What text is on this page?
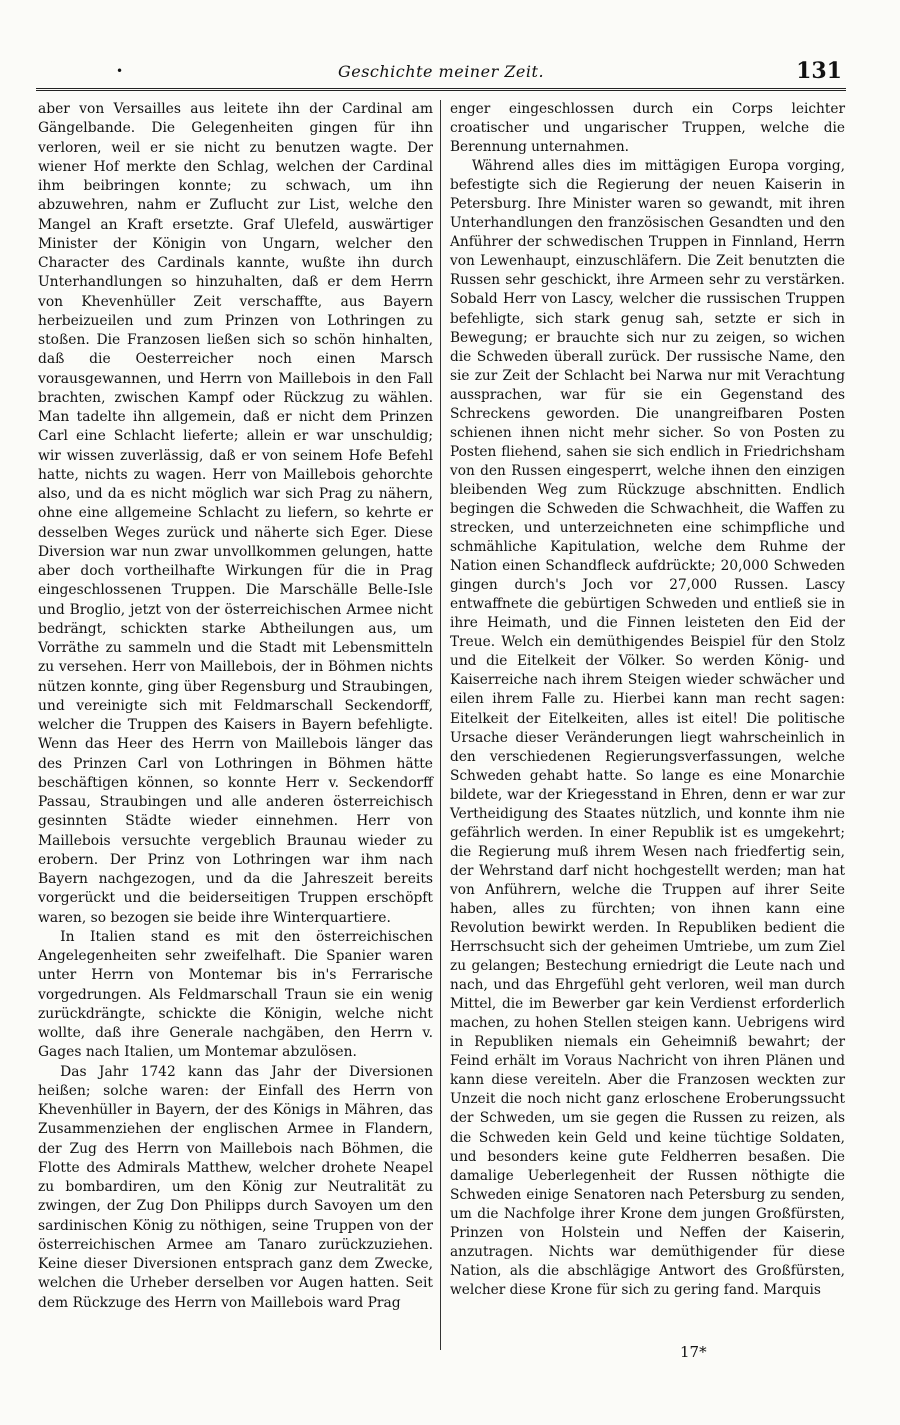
•	Geschichte meiner Zeit.	131

aber von Versailles aus leitete ihn der Cardinal am Gängelbande. Die Gelegenheiten gingen für ihn verloren, weil er sie nicht zu benutzen wagte. Der wiener Hof merkte den Schlag, welchen der Cardinal ihm beibringen konnte; zu schwach, um ihn abzuwehren, nahm er Zuflucht zur List, welche den Mangel an Kraft ersetzte. Graf Ulefeld, auswärtiger Minister der Königin von Ungarn, welcher den Character des Cardinals kannte, wußte ihn durch Unterhandlungen so hinzuhalten, daß er dem Herrn von Khevenhüller Zeit verschaffte, aus Bayern herbeizueilen und zum Prinzen von Lothringen zu stoßen. Die Franzosen ließen sich so schön hinhalten, daß die Oesterreicher noch einen Marsch vorausgewannen, und Herrn von Maillebois in den Fall brachten, zwischen Kampf oder Rückzug zu wählen. Man tadelte ihn allgemein, daß er nicht dem Prinzen Carl eine Schlacht lieferte; allein er war unschuldig; wir wissen zuverlässig, daß er von seinem Hofe Befehl hatte, nichts zu wagen. Herr von Maillebois gehorchte also, und da es nicht möglich war sich Prag zu nähern, ohne eine allgemeine Schlacht zu liefern, so kehrte er desselben Weges zurück und näherte sich Eger. Diese Diversion war nun zwar unvollkommen gelungen, hatte aber doch vortheilhafte Wirkungen für die in Prag eingeschlossenen Truppen. Die Marschälle Belle-Isle und Broglio, jetzt von der österreichischen Armee nicht bedrängt, schickten starke Abtheilungen aus, um Vorräthe zu sammeln und die Stadt mit Lebensmitteln zu versehen. Herr von Maillebois, der in Böhmen nichts nützen konnte, ging über Regensburg und Straubingen, und vereinigte sich mit Feldmarschall Seckendorff, welcher die Truppen des Kaisers in Bayern befehligte. Wenn das Heer des Herrn von Maillebois länger das des Prinzen Carl von Lothringen in Böhmen hätte beschäftigen können, so konnte Herr v. Seckendorff Passau, Straubingen und alle anderen österreichisch gesinnten Städte wieder einnehmen. Herr von Maillebois versuchte vergeblich Braunau wieder zu erobern. Der Prinz von Lothringen war ihm nach Bayern nachgezogen, und da die Jahreszeit bereits vorgerückt und die beiderseitigen Truppen erschöpft waren, so bezogen sie beide ihre Winterquartiere.

In Italien stand es mit den österreichischen Angelegenheiten sehr zweifelhaft. Die Spanier waren unter Herrn von Montemar bis in's Ferrarische vorgedrungen. Als Feldmarschall Traun sie ein wenig zurückdrängte, schickte die Königin, welche nicht wollte, daß ihre Generale nachgäben, den Herrn v. Gages nach Italien, um Montemar abzulösen.

Das Jahr 1742 kann das Jahr der Diversionen heißen; solche waren: der Einfall des Herrn von Khevenhüller in Bayern, der des Königs in Mähren, das Zusammenziehen der englischen Armee in Flandern, der Zug des Herrn von Maillebois nach Böhmen, die Flotte des Admirals Matthew, welcher drohete Neapel zu bombardiren, um den König zur Neutralität zu zwingen, der Zug Don Philipps durch Savoyen um den sardinischen König zu nöthigen, seine Truppen von der österreichischen Armee am Tanaro zurückzuziehen. Keine dieser Diversionen entsprach ganz dem Zwecke, welchen die Urheber derselben vor Augen hatten. Seit dem Rückzuge des Herrn von Maillebois ward Prag

enger eingeschlossen durch ein Corps leichter croatischer und ungarischer Truppen, welche die Berennung unternahmen.

Während alles dies im mittägigen Europa vorging, befestigte sich die Regierung der neuen Kaiserin in Petersburg. Ihre Minister waren so gewandt, mit ihren Unterhandlungen den französischen Gesandten und den Anführer der schwedischen Truppen in Finnland, Herrn von Lewenhaupt, einzuschläfern. Die Zeit benutzten die Russen sehr geschickt, ihre Armeen sehr zu verstärken. Sobald Herr von Lascy, welcher die russischen Truppen befehligte, sich stark genug sah, setzte er sich in Bewegung; er brauchte sich nur zu zeigen, so wichen die Schweden überall zurück. Der russische Name, den sie zur Zeit der Schlacht bei Narwa nur mit Verachtung aussprachen, war für sie ein Gegenstand des Schreckens geworden. Die unangreifbaren Posten schienen ihnen nicht mehr sicher. So von Posten zu Posten fliehend, sahen sie sich endlich in Friedrichsham von den Russen eingesperrt, welche ihnen den einzigen bleibenden Weg zum Rückzuge abschnitten. Endlich begingen die Schweden die Schwachheit, die Waffen zu strecken, und unterzeichneten eine schimpfliche und schmähliche Kapitulation, welche dem Ruhme der Nation einen Schandfleck aufdrückte; 20,000 Schweden gingen durch's Joch vor 27,000 Russen. Lascy entwaffnete die gebürtigen Schweden und entließ sie in ihre Heimath, und die Finnen leisteten den Eid der Treue. Welch ein demüthigendes Beispiel für den Stolz und die Eitelkeit der Völker. So werden König- und Kaiserreiche nach ihrem Steigen wieder schwächer und eilen ihrem Falle zu. Hierbei kann man recht sagen: Eitelkeit der Eitelkeiten, alles ist eitel! Die politische Ursache dieser Veränderungen liegt wahrscheinlich in den verschiedenen Regierungsverfassungen, welche Schweden gehabt hatte. So lange es eine Monarchie bildete, war der Kriegesstand in Ehren, denn er war zur Vertheidigung des Staates nützlich, und konnte ihm nie gefährlich werden. In einer Republik ist es umgekehrt; die Regierung muß ihrem Wesen nach friedfertig sein, der Wehrstand darf nicht hochgestellt werden; man hat von Anführern, welche die Truppen auf ihrer Seite haben, alles zu fürchten; von ihnen kann eine Revolution bewirkt werden. In Republiken bedient die Herrschsucht sich der geheimen Umtriebe, um zum Ziel zu gelangen; Bestechung erniedrigt die Leute nach und nach, und das Ehrgefühl geht verloren, weil man durch Mittel, die im Bewerber gar kein Verdienst erforderlich machen, zu hohen Stellen steigen kann. Uebrigens wird in Republiken niemals ein Geheimniß bewahrt; der Feind erhält im Voraus Nachricht von ihren Plänen und kann diese vereiteln. Aber die Franzosen weckten zur Unzeit die noch nicht ganz erloschene Eroberungssucht der Schweden, um sie gegen die Russen zu reizen, als die Schweden kein Geld und keine tüchtige Soldaten, und besonders keine gute Feldherren besaßen. Die damalige Ueberlegenheit der Russen nöthigte die Schweden einige Senatoren nach Petersburg zu senden, um die Nachfolge ihrer Krone dem jungen Großfürsten, Prinzen von Holstein und Neffen der Kaiserin, anzutragen. Nichts war demüthigender für diese Nation, als die abschlägige Antwort des Großfürsten, welcher diese Krone für sich zu gering fand. Marquis

17*
